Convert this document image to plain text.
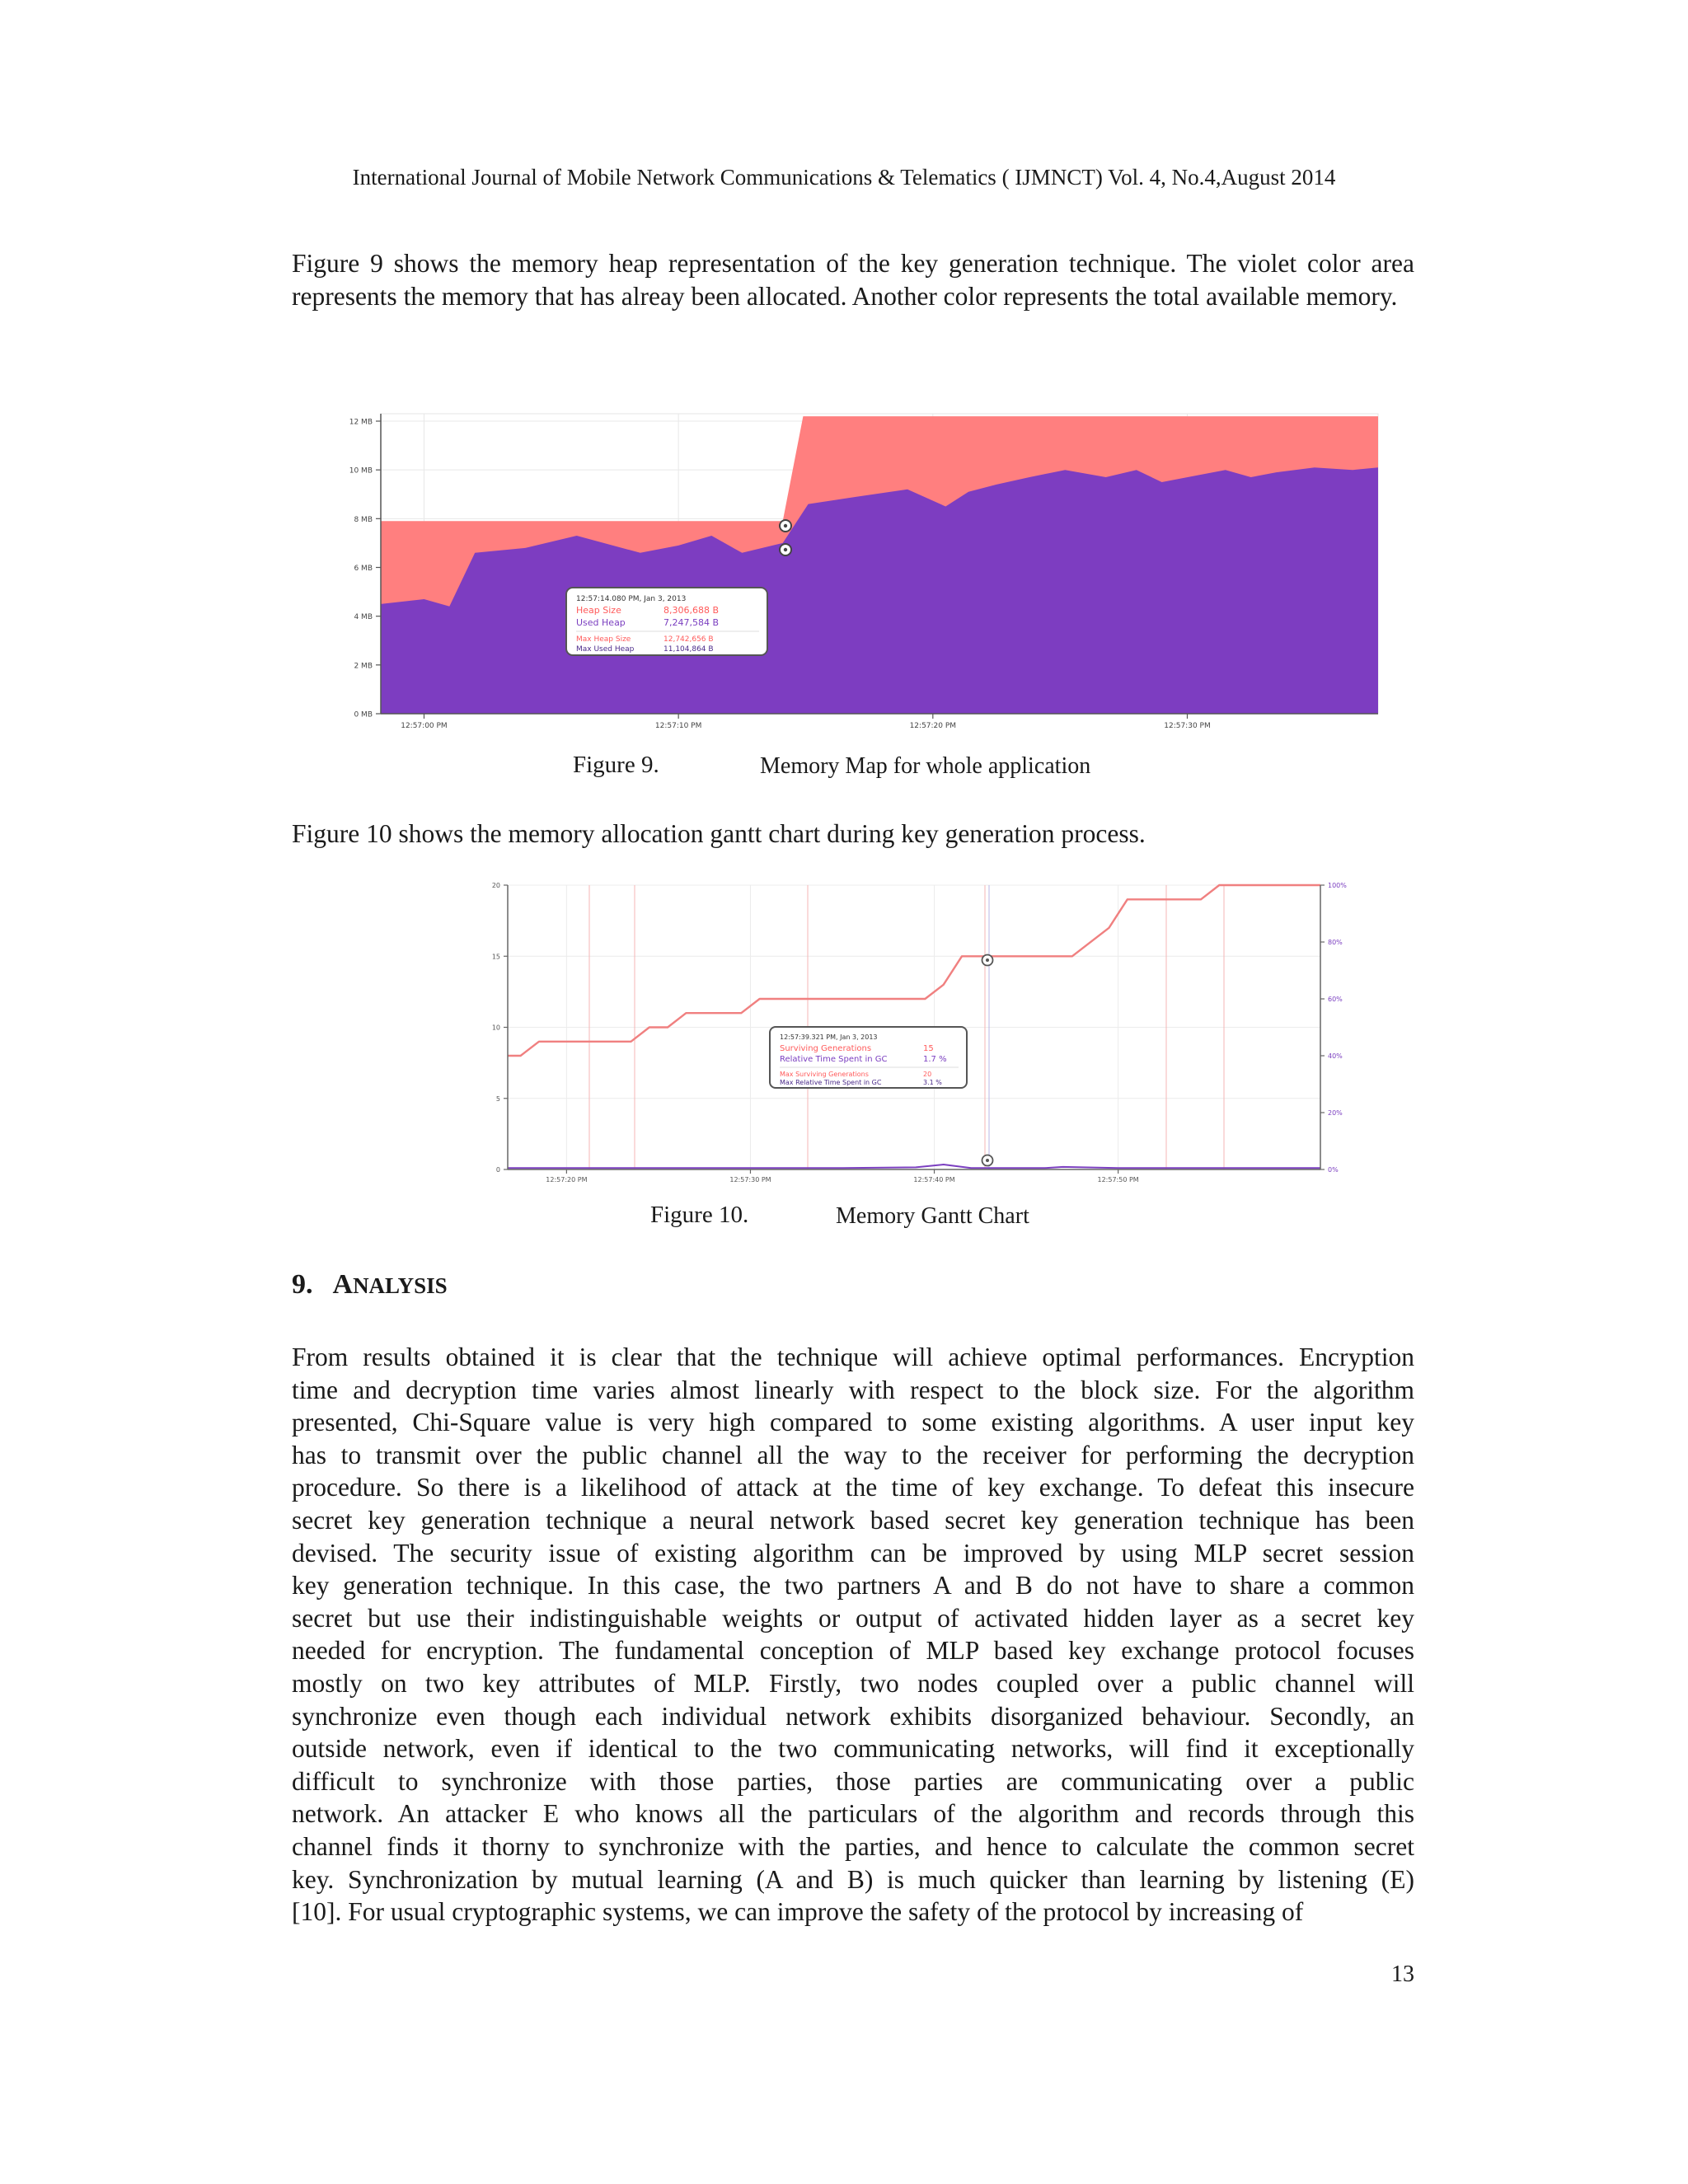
International Journal of Mobile Network Communications & Telematics ( IJMNCT) Vol. 4, No.4,August 2014
Figure 9 shows the memory heap representation of the key generation technique. The violet color area represents the memory that has alreay been allocated. Another color represents the total available memory.
0 MB
2 MB
4 MB
6 MB
8 MB
10 MB
12 MB
12:57:00 PM	12:57:10 PM	12:57:20 PM	12:57:30 PM
12:57:14.080 PM, Jan 3, 2013
Heap Size	8,306,688 B
Used Heap	7,247,584 B
Max Heap Size	12,742,656 B
Max Used Heap	11,104,864 B
Figure 9.	Memory Map for whole application
Figure 10 shows the memory allocation gantt chart during key generation process.
0
5
10
15
20
0%
20%
40%
60%
80%
100%
12:57:20 PM	12:57:30 PM	12:57:40 PM	12:57:50 PM
12:57:39.321 PM, Jan 3, 2013
Surviving Generations	15
Relative Time Spent in GC	1.7 %
Max Surviving Generations	20
Max Relative Time Spent in GC	3.1 %
Figure 10.	Memory Gantt Chart
9. ANALYSIS
From results obtained it is clear that the technique will achieve optimal performances. Encryption
time and decryption time varies almost linearly with respect to the block size. For the algorithm
presented, Chi-Square value is very high compared to some existing algorithms. A user input key
has to transmit over the public channel all the way to the receiver for performing the decryption
procedure. So there is a likelihood of attack at the time of key exchange. To defeat this insecure
secret key generation technique a neural network based secret key generation technique has been
devised. The security issue of existing algorithm can be improved by using MLP secret session
key generation technique. In this case, the two partners A and B do not have to share a common
secret but use their indistinguishable weights or output of activated hidden layer as a secret key
needed for encryption. The fundamental conception of MLP based key exchange protocol focuses
mostly on two key attributes of MLP. Firstly, two nodes coupled over a public channel will
synchronize even though each individual network exhibits disorganized behaviour. Secondly, an
outside network, even if identical to the two communicating networks, will find it exceptionally
difficult to synchronize with those parties, those parties are communicating over a public
network. An attacker E who knows all the particulars of the algorithm and records through this
channel finds it thorny to synchronize with the parties, and hence to calculate the common secret
key. Synchronization by mutual learning (A and B) is much quicker than learning by listening (E)
[10]. For usual cryptographic systems, we can improve the safety of the protocol by increasing of
13
